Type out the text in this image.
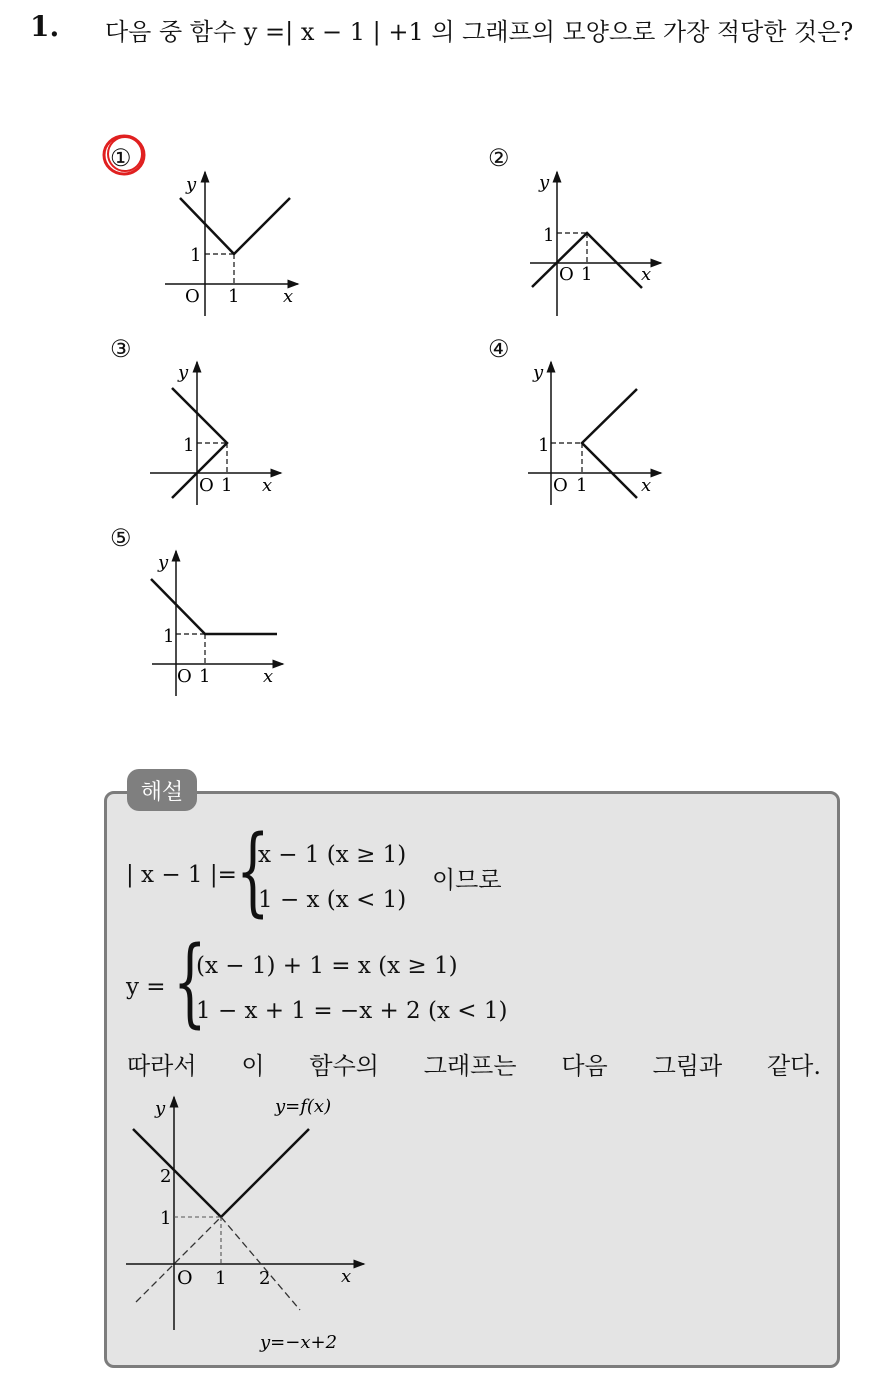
1. 다음 중 함수 y =| x − 1 | +1 의 그래프의 모양으로 가장 적당한 것은?
①	②
③	④
⑤
y
x
O
1
1
y
x
O
1
1
y
x
O
1
1
y
x
O
1
1
y
x
O
1
1
해설
| x − 1 |= {
x − 1 (x ≥ 1)
1 − x (x < 1)
이므로
y = {
(x − 1) + 1 = x (x ≥ 1)
1 − x + 1 = −x + 2 (x < 1)
따라서 이 함수의 그래프는 다음 그림과 같다.
y
x
O
2
1
1 2
y=f(x)
y=−x+2
